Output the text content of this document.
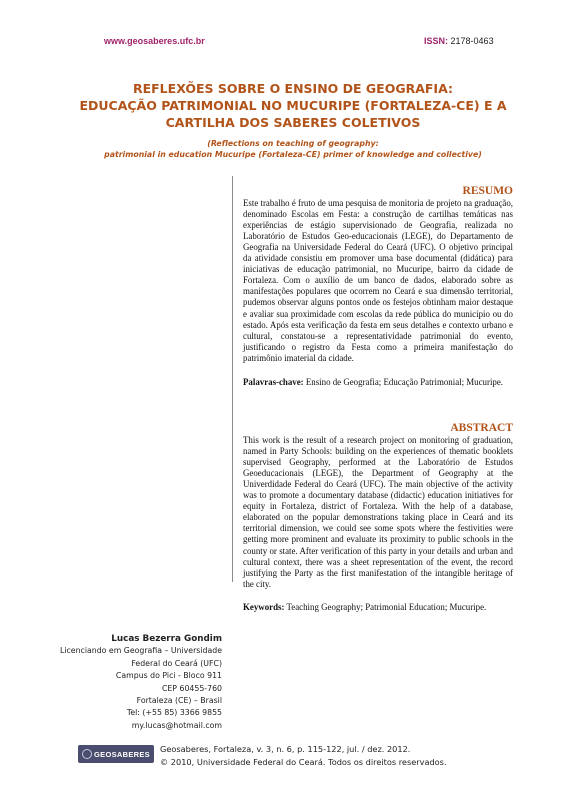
www.geosaberes.ufc.br	ISSN: 2178-0463
REFLEXÕES SOBRE O ENSINO DE GEOGRAFIA:
EDUCAÇÃO PATRIMONIAL NO MUCURIPE (FORTALEZA-CE) E A
CARTILHA DOS SABERES COLETIVOS
(Reflections on teaching of geography:
patrimonial in education Mucuripe (Fortaleza-CE) primer of knowledge and collective)
RESUMO

Este trabalho é fruto de uma pesquisa de monitoria de projeto na graduação, denominado Escolas em Festa: a construção de cartilhas temáticas nas experiências de estágio supervisionado de Geografia, realizada no Laboratório de Estudos Geo-educacionais (LEGE), do Departamento de Geografia na Universidade Federal do Ceará (UFC). O objetivo principal da atividade consistiu em promover uma base documental (didática) para iniciativas de educação patrimonial, no Mucuripe, bairro da cidade de Fortaleza. Com o auxílio de um banco de dados, elaborado sobre as manifestações populares que ocorrem no Ceará e sua dimensão territorial, pudemos observar alguns pontos onde os festejos obtinham maior destaque e avaliar sua proximidade com escolas da rede pública do município ou do estado. Após esta verificação da festa em seus detalhes e contexto urbano e cultural, constatou-se a representatividade patrimonial do evento, justificando o registro da Festa como a primeira manifestação do patrimônio imaterial da cidade.

Palavras-chave: Ensino de Geografia; Educação Patrimonial; Mucuripe.

ABSTRACT

This work is the result of a research project on monitoring of graduation, named in Party Schools: building on the experiences of thematic booklets supervised Geography, performed at the Laboratório de Estudos Geoeducacionais (LEGE), the Department of Geography at the Univerdidade Federal do Ceará (UFC). The main objective of the activity was to promote a documentary database (didactic) education initiatives for equity in Fortaleza, district of Fortaleza. With the help of a database, elaborated on the popular demonstrations taking place in Ceará and its territorial dimension, we could see some spots where the festivities were getting more prominent and evaluate its proximity to public schools in the county or state. After verification of this party in your details and urban and cultural context, there was a sheet representation of the event, the record justifying the Party as the first manifestation of the intangible heritage of the city.

Keywords: Teaching Geography; Patrimonial Education; Mucuripe.

Lucas Bezerra Gondim
Licenciando em Geografia – Universidade
Federal do Ceará (UFC)
Campus do Pici - Bloco 911
CEP 60455-760
Fortaleza (CE) – Brasil
Tel: (+55 85) 3366 9855
my.lucas@hotmail.com
GEOSABERES Geosaberes, Fortaleza, v. 3, n. 6, p. 115-122, jul. / dez. 2012.
© 2010, Universidade Federal do Ceará. Todos os direitos reservados.
